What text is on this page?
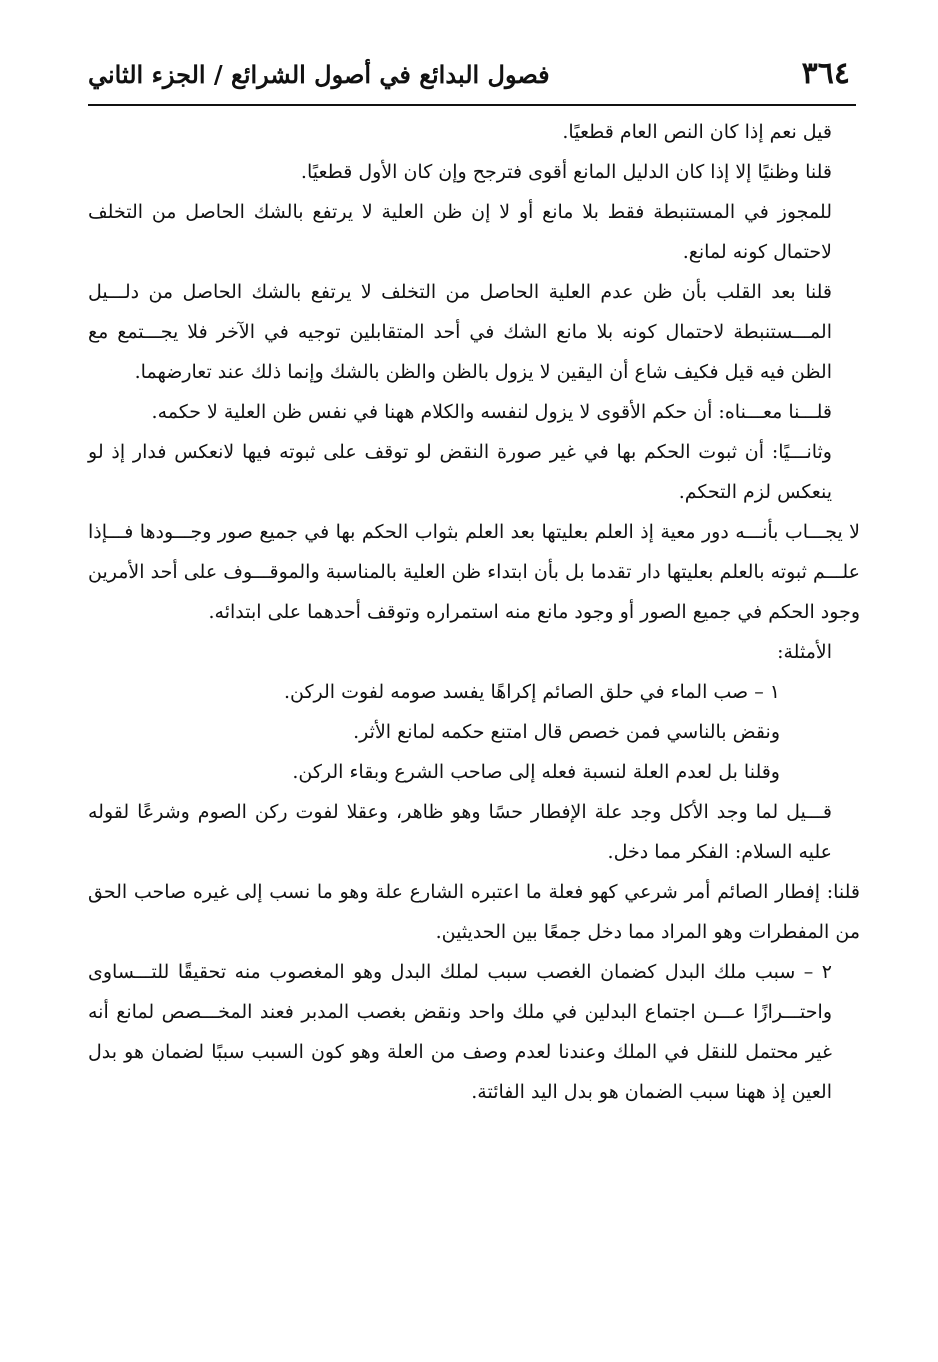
٣٦٤
فصول البدائع في أصول الشرائع / الجزء الثاني

قيل نعم إذا كان النص العام قطعيًا.

قلنا وظنيًا إلا إذا كان الدليل المانع أقوى فترجح وإن كان الأول قطعيًا.

للمجوز في المستنبطة فقط بلا مانع أو لا إن ظن العلية لا يرتفع بالشك الحاصل من التخلف لاحتمال كونه لمانع.

قلنا بعد القلب بأن ظن عدم العلية الحاصل من التخلف لا يرتفع بالشك الحاصل من دلـــيل المـــستنبطة لاحتمال كونه بلا مانع الشك في أحد المتقابلين توجيه في الآخر فلا يجـــتمع مع الظن فيه قيل فكيف شاع أن اليقين لا يزول بالظن والظن بالشك وإنما ذلك عند تعارضهما.

قلـــنا معـــناه: أن حكم الأقوى لا يزول لنفسه والكلام ههنا في نفس ظن العلية لا حكمه.

وثانـــيًا: أن ثبوت الحكم بها في غير صورة النقض لو توقف على ثبوته فيها لانعكس فدار إذ لو ينعكس لزم التحكم.

لا يجـــاب بأنـــه دور معية إذ العلم بعليتها بعد العلم بثواب الحكم بها في جميع صور وجـــودها فـــإذا علـــم ثبوته بالعلم بعليتها دار تقدما بل بأن ابتداء ظن العلية بالمناسبة والموقـــوف على أحد الأمرين وجود الحكم في جميع الصور أو وجود مانع منه استمراره وتوقف أحدهما على ابتدائه.

الأمثلة:

١ – صب الماء في حلق الصائم إكراهًا يفسد صومه لفوت الركن.

ونقض بالناسي فمن خصص قال امتنع حكمه لمانع الأثر.

وقلنا بل لعدم العلة لنسبة فعله إلى صاحب الشرع وبقاء الركن.

قـــيل لما وجد الأكل وجد علة الإفطار حسًا وهو ظاهر، وعقلا لفوت ركن الصوم وشرعًا لقوله عليه السلام: الفكر مما دخل.

قلنا: إفطار الصائم أمر شرعي كهو فعلة ما اعتبره الشارع علة وهو ما نسب إلى غيره صاحب الحق من المفطرات وهو المراد مما دخل جمعًا بين الحديثين.

٢ – سبب ملك البدل كضمان الغصب سبب لملك البدل وهو المغصوب منه تحقيقًا للتـــساوى واحتـــرازًا عـــن اجتماع البدلين في ملك واحد ونقض بغصب المدبر فعند المخـــصص لمانع أنه غير محتمل للنقل في الملك وعندنا لعدم وصف من العلة وهو كون السبب سببًا لضمان هو بدل العين إذ ههنا سبب الضمان هو بدل اليد الفائتة.
